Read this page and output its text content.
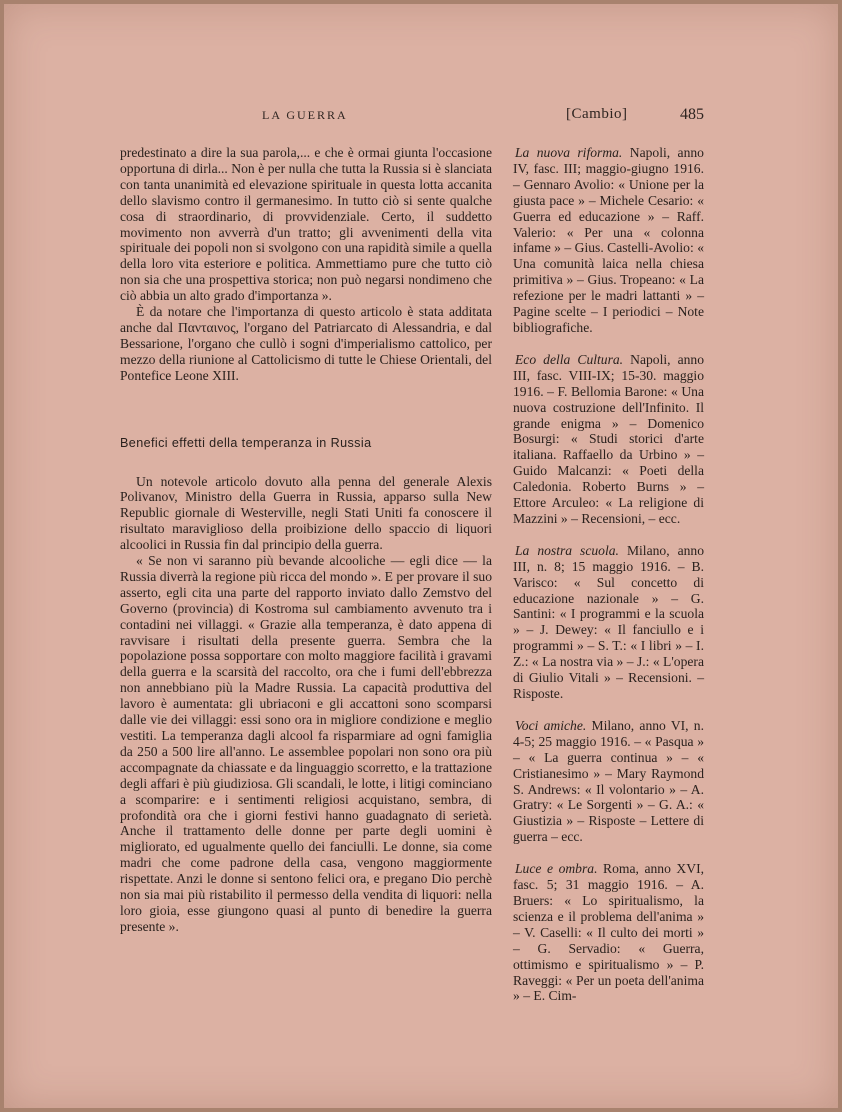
LA GUERRA	[Cambio]	485

predestinato a dire la sua parola,... e che è ormai giunta l'occasione opportuna di dirla... Non è per nulla che tutta la Russia si è slanciata con tanta unanimità ed elevazione spirituale in questa lotta accanita dello slavismo contro il germanesimo. In tutto ciò si sente qualche cosa di straordinario, di provvidenziale. Certo, il suddetto movimento non avverrà d'un tratto; gli avvenimenti della vita spirituale dei popoli non si svolgono con una rapidità simile a quella della loro vita esteriore e politica. Ammettiamo pure che tutto ciò non sia che una prospettiva storica; non può negarsi nondimeno che ciò abbia un alto grado d'importanza ».

È da notare che l'importanza di questo articolo è stata additata anche dal Πανταινος, l'organo del Patriarcato di Alessandria, e dal Bessarione, l'organo che cullò i sogni d'imperialismo cattolico, per mezzo della riunione al Cattolicismo di tutte le Chiese Orientali, del Pontefice Leone XIII.

Benefici effetti della temperanza in Russia

Un notevole articolo dovuto alla penna del generale Alexis Polivanov, Ministro della Guerra in Russia, apparso sulla New Republic giornale di Westerville, negli Stati Uniti fa conoscere il risultato maraviglioso della proibizione dello spaccio di liquori alcoolici in Russia fin dal principio della guerra.

« Se non vi saranno più bevande alcooliche — egli dice — la Russia diverrà la regione più ricca del mondo ». E per provare il suo asserto, egli cita una parte del rapporto inviato dallo Zemstvo del Governo (provincia) di Kostroma sul cambiamento avvenuto tra i contadini nei villaggi. « Grazie alla temperanza, è dato appena di ravvisare i risultati della presente guerra. Sembra che la popolazione possa sopportare con molto maggiore facilità i gravami della guerra e la scarsità del raccolto, ora che i fumi dell'ebbrezza non annebbiano più la Madre Russia. La capacità produttiva del lavoro è aumentata: gli ubriaconi e gli accattoni sono scomparsi dalle vie dei villaggi: essi sono ora in migliore condizione e meglio vestiti. La temperanza dagli alcool fa risparmiare ad ogni famiglia da 250 a 500 lire all'anno. Le assemblee popolari non sono ora più accompagnate da chiassate e da linguaggio scorretto, e la trattazione degli affari è più giudiziosa. Gli scandali, le lotte, i litigi cominciano a scomparire: e i sentimenti religiosi acquistano, sembra, di profondità ora che i giorni festivi hanno guadagnato di serietà. Anche il trattamento delle donne per parte degli uomini è migliorato, ed ugualmente quello dei fanciulli. Le donne, sia come madri che come padrone della casa, vengono maggiormente rispettate. Anzi le donne si sentono felici ora, e pregano Dio perchè non sia mai più ristabilito il permesso della vendita di liquori: nella loro gioia, esse giungono quasi al punto di benedire la guerra presente ».

La nuova riforma. Napoli, anno IV, fasc. III; maggio-giugno 1916. – Gennaro Avolio: « Unione per la giusta pace » – Michele Cesario: « Guerra ed educazione » – Raff. Valerio: « Per una « colonna infame » – Gius. Castelli-Avolio: « Una comunità laica nella chiesa primitiva » – Gius. Tropeano: « La refezione per le madri lattanti » – Pagine scelte – I periodici – Note bibliografiche.

Eco della Cultura. Napoli, anno III, fasc. VIII-IX; 15-30. maggio 1916. – F. Bellomia Barone: « Una nuova costruzione dell'Infinito. Il grande enigma » – Domenico Bosurgi: « Studi storici d'arte italiana. Raffaello da Urbino » – Guido Malcanzi: « Poeti della Caledonia. Roberto Burns » – Ettore Arculeo: « La religione di Mazzini » – Recensioni, – ecc.

La nostra scuola. Milano, anno III, n. 8; 15 maggio 1916. – B. Varisco: « Sul concetto di educazione nazionale » – G. Santini: « I programmi e la scuola » – J. Dewey: « Il fanciullo e i programmi » – S. T.: « I libri » – I. Z.: « La nostra via » – J.: « L'opera di Giulio Vitali » – Recensioni. – Risposte.

Voci amiche. Milano, anno VI, n. 4-5; 25 maggio 1916. – « Pasqua » – « La guerra continua » – « Cristianesimo » – Mary Raymond S. Andrews: « Il volontario » – A. Gratry: « Le Sorgenti » – G. A.: « Giustizia » – Risposte – Lettere di guerra – ecc.

Luce e ombra. Roma, anno XVI, fasc. 5; 31 maggio 1916. – A. Bruers: « Lo spiritualismo, la scienza e il problema dell'anima » – V. Caselli: « Il culto dei morti » – G. Servadio: « Guerra, ottimismo e spiritualismo » – P. Raveggi: « Per un poeta dell'anima » – E. Cim-
